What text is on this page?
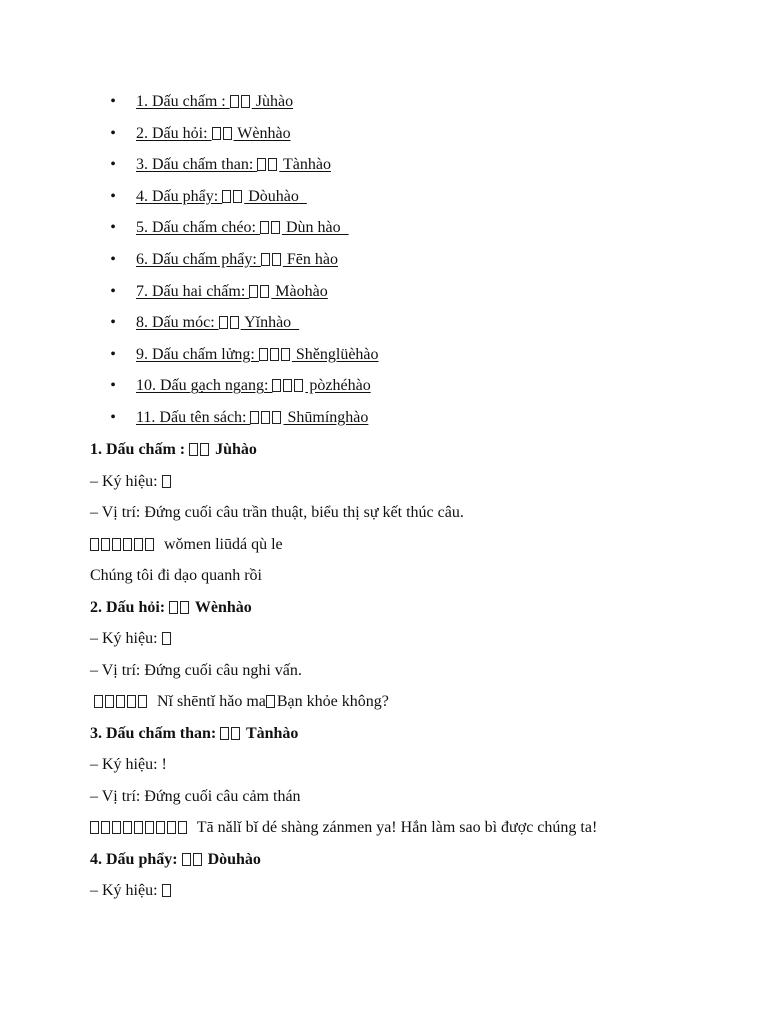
• 1. Dấu chấm :  Jùhào
• 2. Dấu hỏi:  Wènhào
• 3. Dấu chấm than:  Tànhào
• 4. Dấu phẩy:  Dòuhào
• 5. Dấu chấm chéo:  Dùn hào
• 6. Dấu chấm phẩy:  Fēn hào
• 7. Dấu hai chấm:  Màohào
• 8. Dấu móc:  Yǐnhào
• 9. Dấu chấm lửng:  Shěnglüèhào
• 10. Dấu gạch ngang:  pòzhéhào
• 11. Dấu tên sách:  Shūmínghào
1. Dấu chấm :  Jùhào
– Ký hiệu:
– Vị trí: Đứng cuối câu trần thuật, biểu thị sự kết thúc câu.
wǒmen liūdá qù le
Chúng tôi đi dạo quanh rồi
2. Dấu hỏi:  Wènhào
– Ký hiệu:
– Vị trí: Đứng cuối câu nghi vấn.
Nǐ shēntǐ hǎo ma Bạn khỏe không?
3. Dấu chấm than:  Tànhào
– Ký hiệu: !
– Vị trí: Đứng cuối câu cảm thán
Tā nǎlǐ bǐ dé shàng zánmen ya! Hắn làm sao bì được chúng ta!
4. Dấu phẩy:  Dòuhào
– Ký hiệu:
